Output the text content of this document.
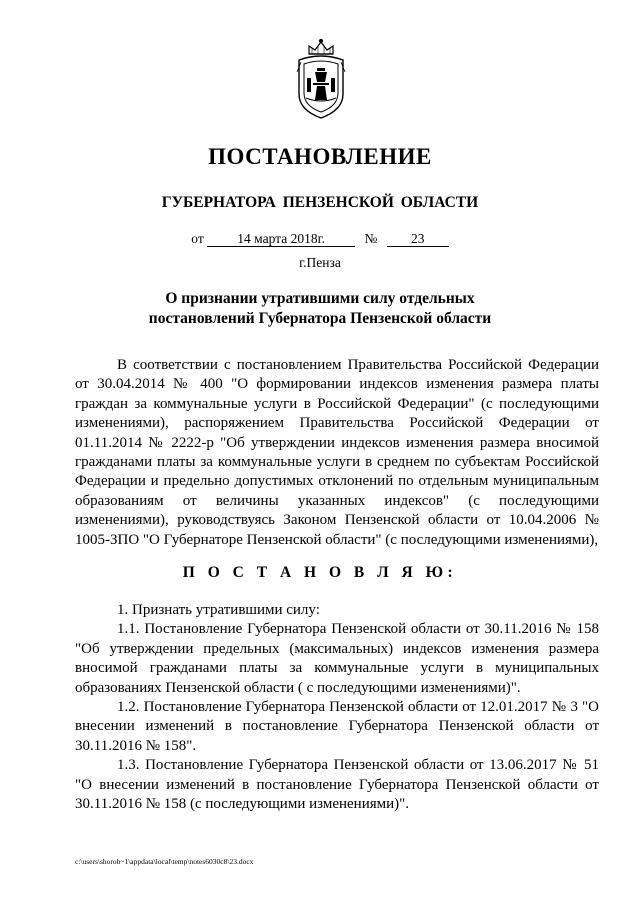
ПОСТАНОВЛЕНИЕ
ГУБЕРНАТОРА ПЕНЗЕНСКОЙ ОБЛАСТИ
от 14 марта 2018г.	№ 23
г.Пенза
О признании утратившими силу отдельных
постановлений Губернатора Пензенской области

В соответствии с постановлением Правительства Российской Федерации от 30.04.2014 № 400 "О формировании индексов изменения размера платы граждан за коммунальные услуги в Российской Федерации" (с последующими изменениями), распоряжением Правительства Российской Федерации от 01.11.2014 № 2222-р "Об утверждении индексов изменения размера вносимой гражданами платы за коммунальные услуги в среднем по субъектам Российской Федерации и предельно допустимых отклонений по отдельным муниципальным образованиям от величины указанных индексов" (с последующими изменениями), руководствуясь Законом Пензенской области от 10.04.2006 № 1005-ЗПО "О Губернаторе Пензенской области" (с последующими изменениями),

П О С Т А Н О В Л Я Ю:

1. Признать утратившими силу:

1.1. Постановление Губернатора Пензенской области от 30.11.2016 № 158 "Об утверждении предельных (максимальных) индексов изменения размера вносимой гражданами платы за коммунальные услуги в муниципальных образованиях Пензенской области ( с последующими изменениями)".

1.2. Постановление Губернатора Пензенской области от 12.01.2017 № 3 "О внесении изменений в постановление Губернатора Пензенской области от 30.11.2016 № 158".

1.3. Постановление Губернатора Пензенской области от 13.06.2017 № 51 "О внесении изменений в постановление Губернатора Пензенской области от 30.11.2016 № 158 (с последующими изменениями)".

c:\users\shorob~1\appdata\local\temp\notes6030c8\23.docx
